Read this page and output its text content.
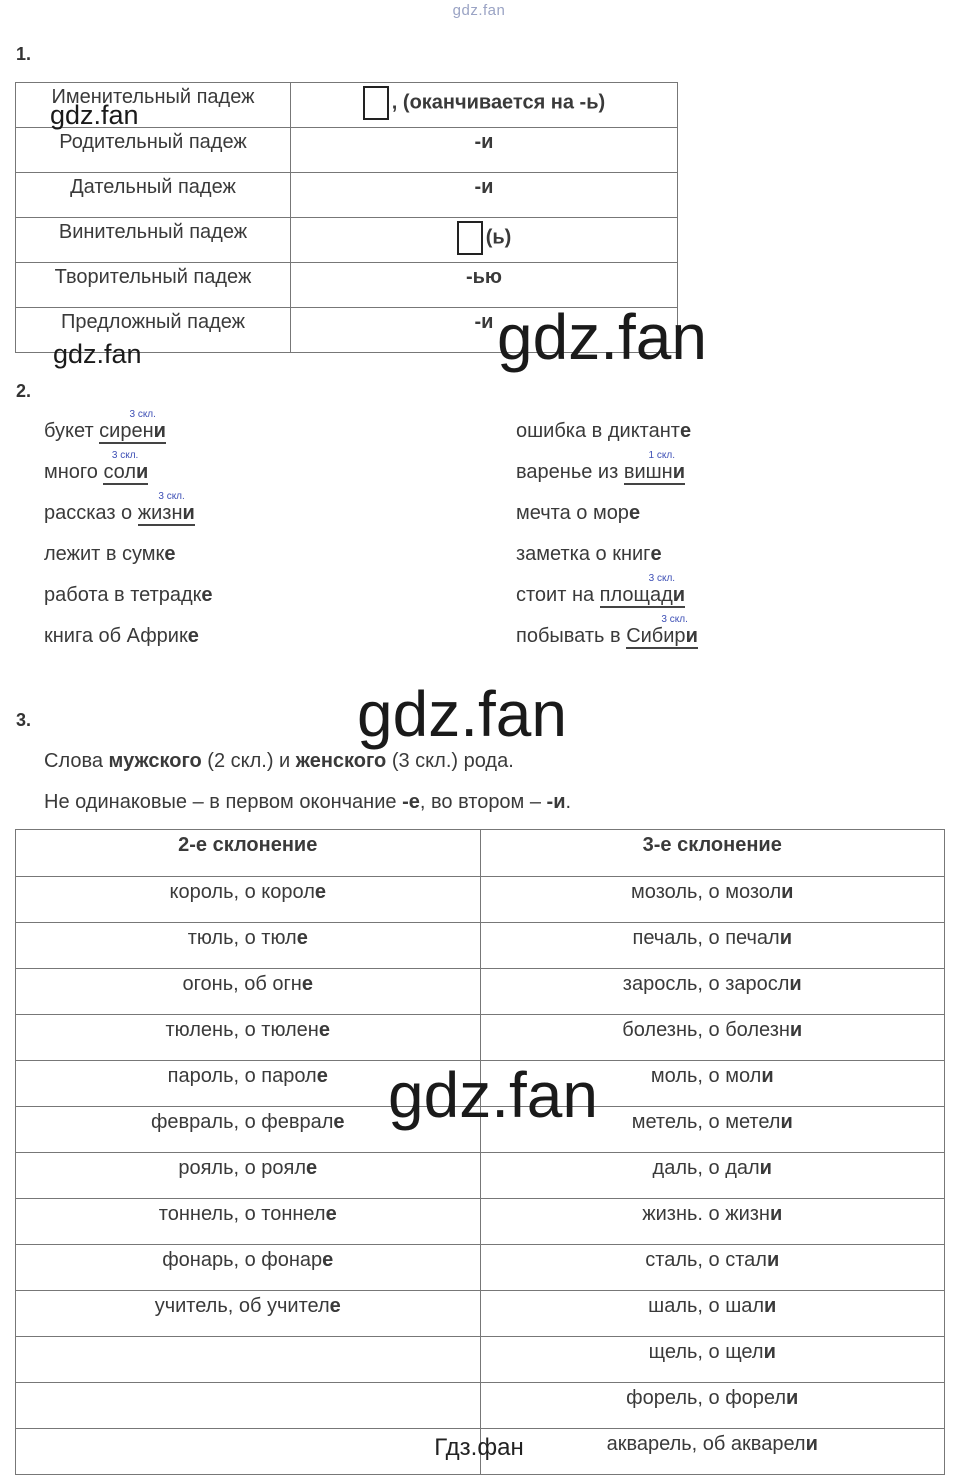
gdz.fan
1.
Именительный падеж	, (оканчивается на -ь)
Родительный падеж	-и
Дательный падеж	-и
Винительный падеж	(ь)
Творительный падеж	-ью
Предложный падеж	-и
gdz.fan
gdz.fan	gdz.fan
2.
букет сирени
3 скл.
много соли
3 скл.
рассказ о жизни
3 скл.
лежит в сумке
работа в тетрадке
книга об Африке
ошибка в диктанте
варенье из вишни
1 скл.
мечта о море
заметка о книге
стоит на площади
3 скл.
побывать в Сибири
3 скл.
gdz.fan
3.
Слова мужского (2 скл.) и женского (3 скл.) рода.
Не одинаковые – в первом окончание -е, во втором – -и.
2-е склонение	3-е склонение
король, о короле	мозоль, о мозоли
тюль, о тюле	печаль, о печали
огонь, об огне	заросль, о заросли
тюлень, о тюлене	болезнь, о болезни
пароль, о пароле	моль, о моли
февраль, о феврале	метель, о метели
рояль, о рояле	даль, о дали
тоннель, о тоннеле	жизнь. о жизни
фонарь, о фонаре	сталь, о стали
учитель, об учителе	шаль, о шали
	щель, о щели
	форель, о форели
	акварель, об акварели
gdz.fan
Гдз.фан
